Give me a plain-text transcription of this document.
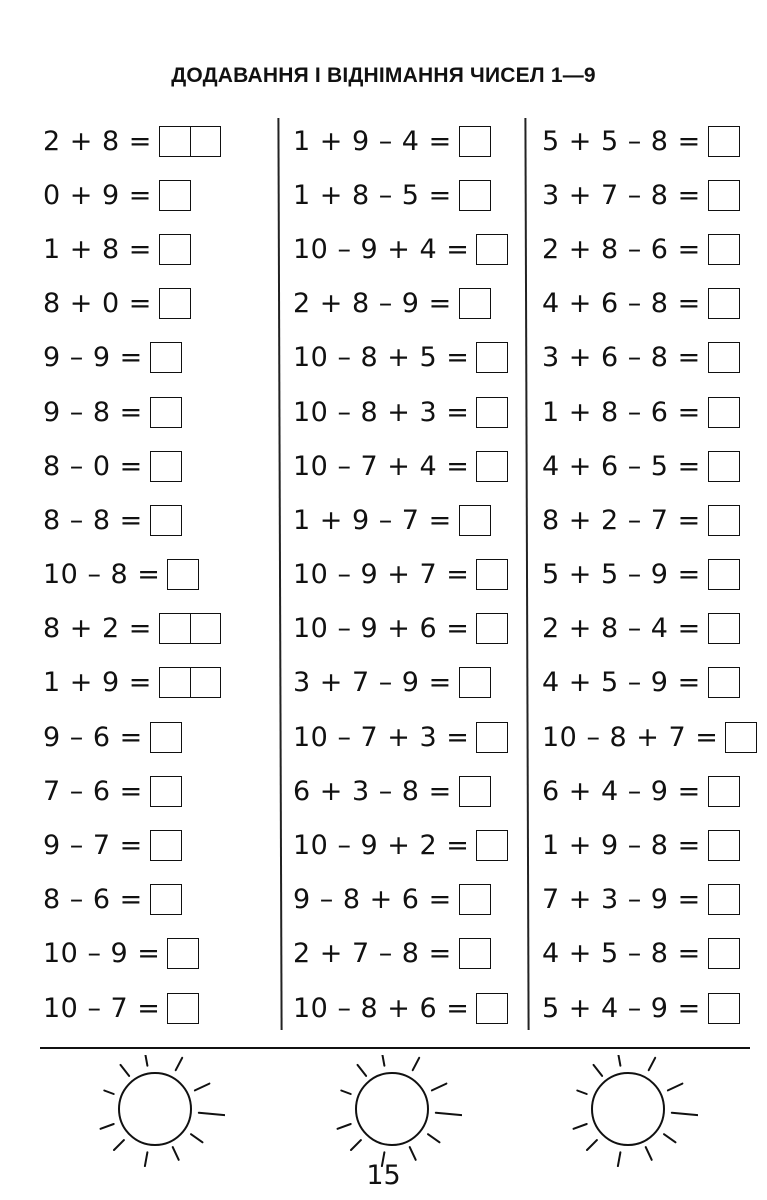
ДОДАВАННЯ І ВІДНІМАННЯ ЧИСЕЛ 1—9
2 + 8 =
0 + 9 =
1 + 8 =
8 + 0 =
9 – 9 =
9 – 8 =
8 – 0 =
8 – 8 =
10 – 8 =
8 + 2 =
1 + 9 =
9 – 6 =
7 – 6 =
9 – 7 =
8 – 6 =
10 – 9 =
10 – 7 =
1 + 9 – 4 =
1 + 8 – 5 =
10 – 9 + 4 =
2 + 8 – 9 =
10 – 8 + 5 =
10 – 8 + 3 =
10 – 7 + 4 =
1 + 9 – 7 =
10 – 9 + 7 =
10 – 9 + 6 =
3 + 7 – 9 =
10 – 7 + 3 =
6 + 3 – 8 =
10 – 9 + 2 =
9 – 8 + 6 =
2 + 7 – 8 =
10 – 8 + 6 =
5 + 5 – 8 =
3 + 7 – 8 =
2 + 8 – 6 =
4 + 6 – 8 =
3 + 6 – 8 =
1 + 8 – 6 =
4 + 6 – 5 =
8 + 2 – 7 =
5 + 5 – 9 =
2 + 8 – 4 =
4 + 5 – 9 =
10 – 8 + 7 =
6 + 4 – 9 =
1 + 9 – 8 =
7 + 3 – 9 =
4 + 5 – 8 =
5 + 4 – 9 =
15
